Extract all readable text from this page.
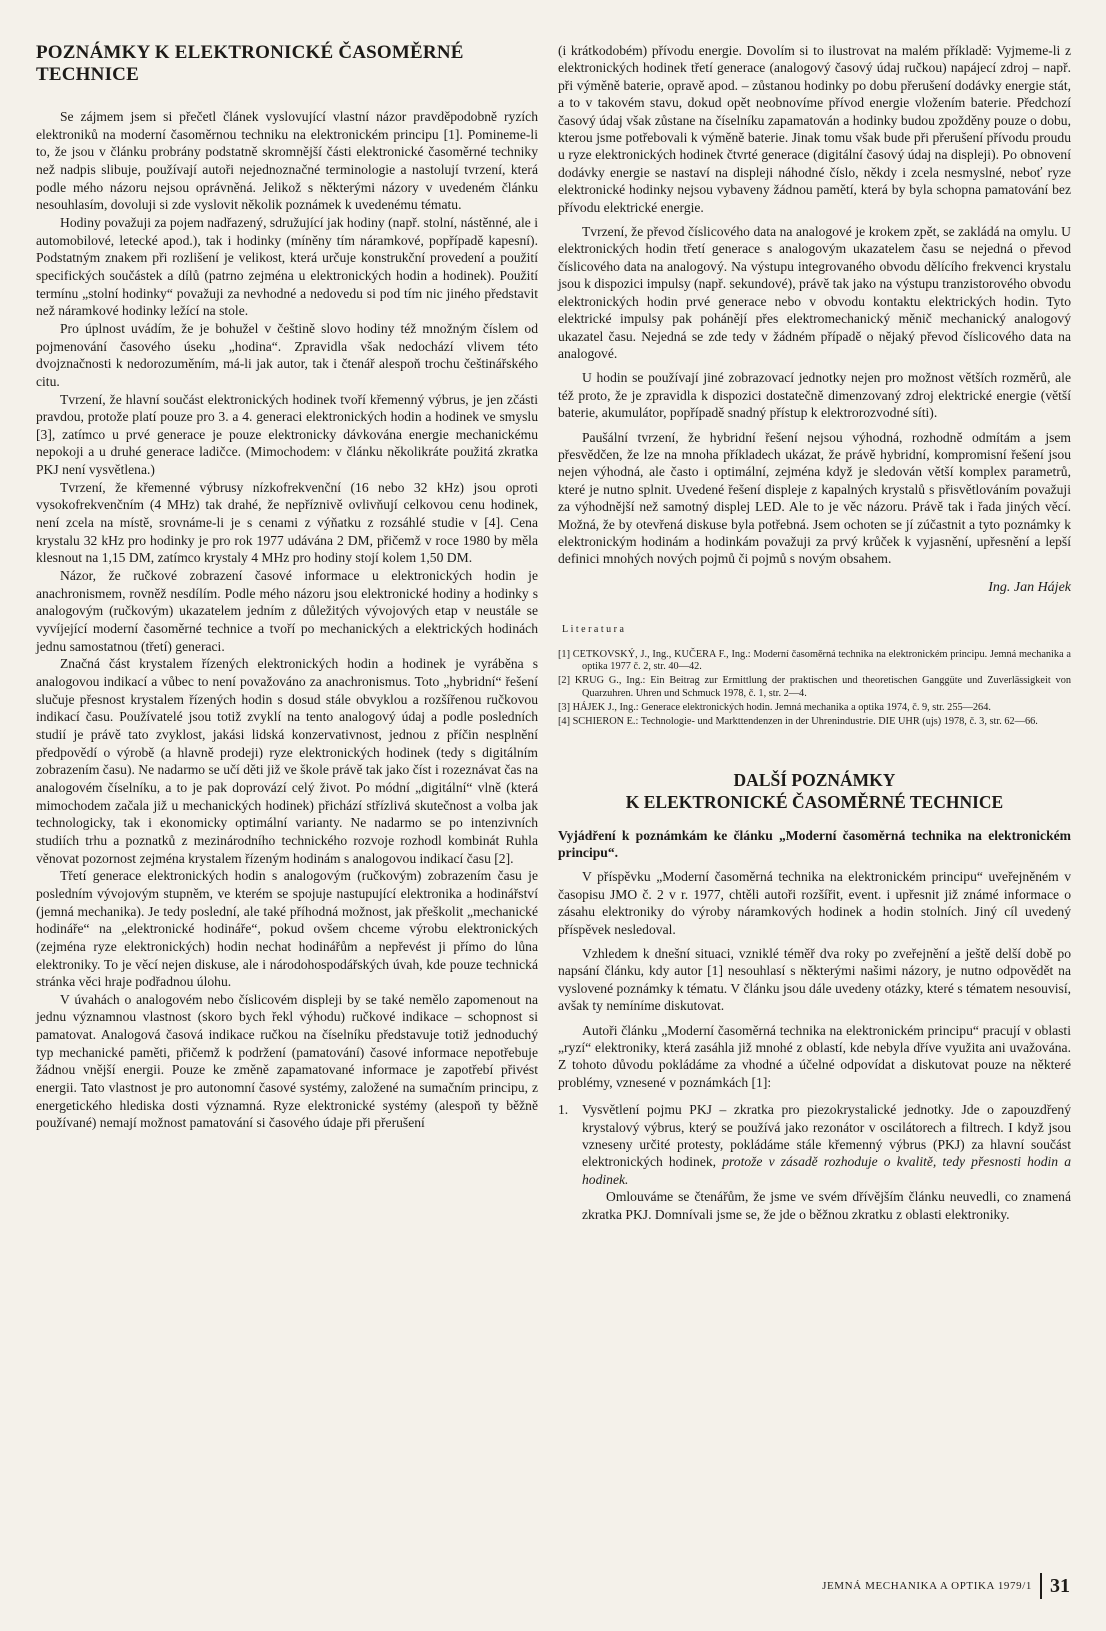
POZNÁMKY K ELEKTRONICKÉ ČASOMĚRNÉ TECHNICE

Se zájmem jsem si přečetl článek vyslovující vlastní názor pravděpodobně ryzích elektroniků na moderní časoměrnou techniku na elektronickém principu [1]. Pomineme-li to, že jsou v článku probrány podstatně skromnější části elektronické časoměrné techniky než nadpis slibuje, používají autoři nejednoznačné terminologie a nastolují tvrzení, která podle mého názoru nejsou oprávněná. Jelikož s některými názory v uvedeném článku nesouhlasím, dovoluji si zde vyslovit několik poznámek k uvedenému tématu.

Hodiny považuji za pojem nadřazený, sdružující jak hodiny (např. stolní, nástěnné, ale i automobilové, letecké apod.), tak i hodinky (míněny tím náramkové, popřípadě kapesní). Podstatným znakem při rozlišení je velikost, která určuje konstrukční provedení a použití specifických součástek a dílů (patrno zejména u elektronických hodin a hodinek). Použití termínu „stolní hodinky“ považuji za nevhodné a nedovedu si pod tím nic jiného představit než náramkové hodinky ležící na stole.

Pro úplnost uvádím, že je bohužel v češtině slovo hodiny též množným číslem od pojmenování časového úseku „hodina“. Zpravidla však nedochází vlivem této dvojznačnosti k nedorozuměním, má-li jak autor, tak i čtenář alespoň trochu češtinářského citu.

Tvrzení, že hlavní součást elektronických hodinek tvoří křemenný výbrus, je jen zčásti pravdou, protože platí pouze pro 3. a 4. generaci elektronických hodin a hodinek ve smyslu [3], zatímco u prvé generace je pouze elektronicky dávkována energie mechanickému nepokoji a u druhé generace ladičce. (Mimochodem: v článku několikráte použitá zkratka PKJ není vysvětlena.)

Tvrzení, že křemenné výbrusy nízkofrekvenční (16 nebo 32 kHz) jsou oproti vysokofrekvenčním (4 MHz) tak drahé, že nepříznivě ovlivňují celkovou cenu hodinek, není zcela na místě, srovnáme-li je s cenami z výňatku z rozsáhlé studie v [4]. Cena krystalu 32 kHz pro hodinky je pro rok 1977 udávána 2 DM, přičemž v roce 1980 by měla klesnout na 1,15 DM, zatímco krystaly 4 MHz pro hodiny stojí kolem 1,50 DM.

Názor, že ručkové zobrazení časové informace u elektronických hodin je anachronismem, rovněž nesdílím. Podle mého názoru jsou elektronické hodiny a hodinky s analogovým (ručkovým) ukazatelem jedním z důležitých vývojových etap v neustále se vyvíjející moderní časoměrné technice a tvoří po mechanických a elektrických hodinách jednu samostatnou (třetí) generaci.

Značná část krystalem řízených elektronických hodin a hodinek je vyráběna s analogovou indikací a vůbec to není považováno za anachronismus. Toto „hybridní“ řešení slučuje přesnost krystalem řízených hodin s dosud stále obvyklou a rozšířenou ručkovou indikací času. Používatelé jsou totiž zvyklí na tento analogový údaj a podle posledních studií je právě tato zvyklost, jakási lidská konzervativnost, jednou z příčin nesplnění předpovědí o výrobě (a hlavně prodeji) ryze elektronických hodinek (tedy s digitálním zobrazením času). Ne nadarmo se učí děti již ve škole právě tak jako číst i rozeznávat čas na analogovém číselníku, a to je pak doprovází celý život. Po módní „digitální“ vlně (která mimochodem začala již u mechanických hodinek) přichází střízlivá skutečnost a volba jak technologicky, tak i ekonomicky optimální varianty. Ne nadarmo se po intenzivních studiích trhu a poznatků z mezinárodního technického rozvoje rozhodl kombinát Ruhla věnovat pozornost zejména krystalem řízeným hodinám s analogovou indikací času [2].

Třetí generace elektronických hodin s analogovým (ručkovým) zobrazením času je posledním vývojovým stupněm, ve kterém se spojuje nastupující elektronika a hodinářství (jemná mechanika). Je tedy poslední, ale také příhodná možnost, jak přeškolit „mechanické hodináře“ na „elektronické hodináře“, pokud ovšem chceme výrobu elektronických (zejména ryze elektronických) hodin nechat hodinářům a nepřevést ji přímo do lůna elektroniky. To je věcí nejen diskuse, ale i národohospodářských úvah, kde pouze technická stránka věci hraje podřadnou úlohu.

V úvahách o analogovém nebo číslicovém displeji by se také nemělo zapomenout na jednu významnou vlastnost (skoro bych řekl výhodu) ručkové indikace – schopnost si pamatovat. Analogová časová indikace ručkou na číselníku představuje totiž jednoduchý typ mechanické paměti, přičemž k podržení (pamatování) časové informace nepotřebuje žádnou vnější energii. Pouze ke změně zapamatované informace je zapotřebí přivést energii. Tato vlastnost je pro autonomní časové systémy, založené na sumačním principu, z energetického hlediska dosti významná. Ryze elektronické systémy (alespoň ty běžně používané) nemají možnost pamatování si časového údaje při přerušení

(i krátkodobém) přívodu energie. Dovolím si to ilustrovat na malém příkladě: Vyjmeme-li z elektronických hodinek třetí generace (analogový časový údaj ručkou) napájecí zdroj – např. při výměně baterie, opravě apod. – zůstanou hodinky po dobu přerušení dodávky energie stát, a to v takovém stavu, dokud opět neobnovíme přívod energie vložením baterie. Předchozí časový údaj však zůstane na číselníku zapamatován a hodinky budou zpožděny pouze o dobu, kterou jsme potřebovali k výměně baterie. Jinak tomu však bude při přerušení přívodu proudu u ryze elektronických hodinek čtvrté generace (digitální časový údaj na displeji). Po obnovení dodávky energie se nastaví na displeji náhodné číslo, někdy i zcela nesmyslné, neboť ryze elektronické hodinky nejsou vybaveny žádnou pamětí, která by byla schopna pamatování bez přívodu elektrické energie.

Tvrzení, že převod číslicového data na analogové je krokem zpět, se zakládá na omylu. U elektronických hodin třetí generace s analogovým ukazatelem času se nejedná o převod číslicového data na analogový. Na výstupu integrovaného obvodu dělícího frekvenci krystalu jsou k dispozici impulsy (např. sekundové), právě tak jako na výstupu tranzistorového obvodu elektronických hodin prvé generace nebo v obvodu kontaktu elektrických hodin. Tyto elektrické impulsy pak pohánějí přes elektromechanický měnič mechanický analogový ukazatel času. Nejedná se zde tedy v žádném případě o nějaký převod číslicového data na analogové.

U hodin se používají jiné zobrazovací jednotky nejen pro možnost větších rozměrů, ale též proto, že je zpravidla k dispozici dostatečně dimenzovaný zdroj elektrické energie (větší baterie, akumulátor, popřípadě snadný přístup k elektrorozvodné síti).

Paušální tvrzení, že hybridní řešení nejsou výhodná, rozhodně odmítám a jsem přesvědčen, že lze na mnoha příkladech ukázat, že právě hybridní, kompromisní řešení jsou nejen výhodná, ale často i optimální, zejména když je sledován větší komplex parametrů, které je nutno splnit. Uvedené řešení displeje z kapalných krystalů s přisvětlováním považuji za výhodnější než samotný displej LED. Ale to je věc názoru. Právě tak i řada jiných věcí. Možná, že by otevřená diskuse byla potřebná. Jsem ochoten se jí zúčastnit a tyto poznámky k elektronickým hodinám a hodinkám považuji za prvý krůček k vyjasnění, upřesnění a lepší definici mnohých nových pojmů či pojmů s novým obsahem.

Ing. Jan Hájek

Literatura
[1] CETKOVSKÝ, J., Ing., KUČERA F., Ing.: Moderní časoměrná technika na elektronickém principu. Jemná mechanika a optika 1977 č. 2, str. 40—42.
[2] KRUG G., Ing.: Ein Beitrag zur Ermittlung der praktischen und theoretischen Ganggüte und Zuverlässigkeit von Quarzuhren. Uhren und Schmuck 1978, č. 1, str. 2—4.
[3] HÁJEK J., Ing.: Generace elektronických hodin. Jemná mechanika a optika 1974, č. 9, str. 255—264.
[4] SCHIERON E.: Technologie- und Markttendenzen in der Uhrenindustrie. DIE UHR (ujs) 1978, č. 3, str. 62—66.
DALŠÍ POZNÁMKY
K ELEKTRONICKÉ ČASOMĚRNÉ TECHNICE

Vyjádření k poznámkám ke článku „Moderní časoměrná technika na elektronickém principu“.

V příspěvku „Moderní časoměrná technika na elektronickém principu“ uveřejněném v časopisu JMO č. 2 v r. 1977, chtěli autoři rozšířit, event. i upřesnit již známé informace o zásahu elektroniky do výroby náramkových hodinek a hodin stolních. Jiný cíl uvedený příspěvek nesledoval.

Vzhledem k dnešní situaci, vzniklé téměř dva roky po zveřejnění a ještě delší době po napsání článku, kdy autor [1] nesouhlasí s některými našimi názory, je nutno odpovědět na vyslovené poznámky k tématu. V článku jsou dále uvedeny otázky, které s tématem nesouvisí, avšak ty nemíníme diskutovat.

Autoři článku „Moderní časoměrná technika na elektronickém principu“ pracují v oblasti „ryzí“ elektroniky, která zasáhla již mnohé z oblastí, kde nebyla dříve využita ani uvažována. Z tohoto důvodu pokládáme za vhodné a účelné odpovídat a diskutovat pouze na některé problémy, vznesené v poznámkách [1]:

1.	Vysvětlení pojmu PKJ – zkratka pro piezokrystalické jednotky. Jde o zapouzdřený krystalový výbrus, který se používá jako rezonátor v oscilátorech a filtrech. I když jsou vzneseny určité protesty, pokládáme stále křemenný výbrus (PKJ) za hlavní součást elektronických hodinek, protože v zásadě rozhoduje o kvalitě, tedy přesnosti hodin a hodinek.

Omlouváme se čtenářům, že jsme ve svém dřívějším článku neuvedli, co znamená zkratka PKJ. Domnívali jsme se, že jde o běžnou zkratku z oblasti elektroniky.

JEMNÁ MECHANIKA A OPTIKA 1979/1 31
